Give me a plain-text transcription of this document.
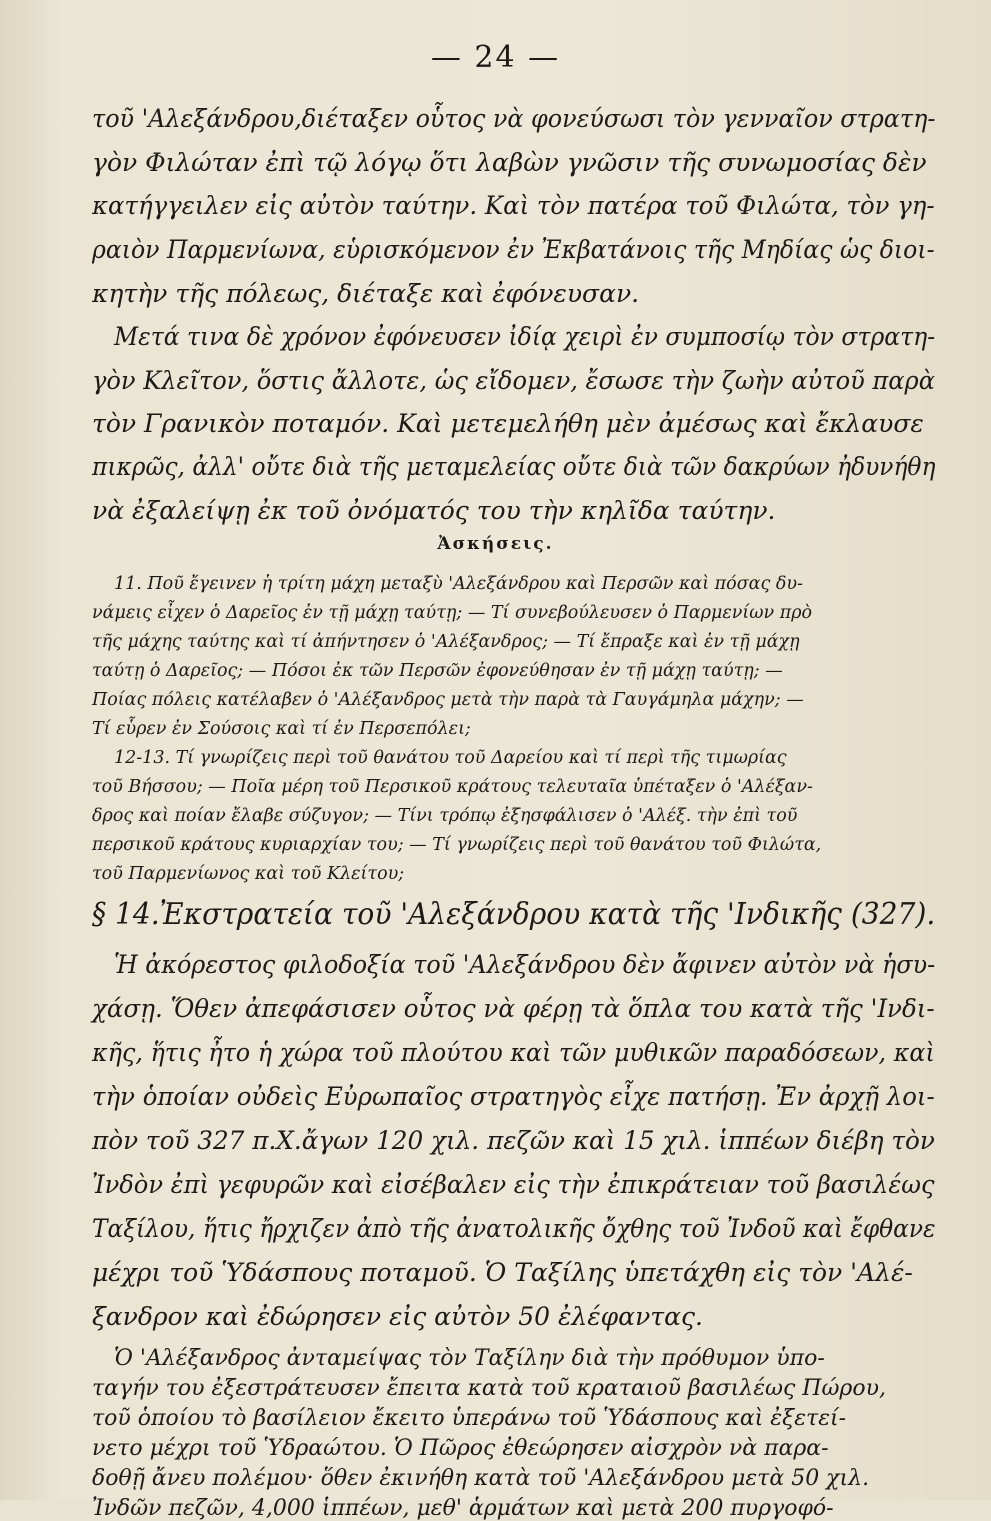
— 24 —
τοῦ 'Αλεξάνδρου,διέταξεν οὗτος νὰ φονεύσωσι τὸν γενναῖον στρατη-
γὸν Φιλώταν ἐπὶ τῷ λόγῳ ὅτι λαβὼν γνῶσιν τῆς συνωμοσίας δὲν
κατήγγειλεν εἰς αὐτὸν ταύτην. Καὶ τὸν πατέρα τοῦ Φιλώτα, τὸν γη-
ραιὸν Παρμενίωνα, εὑρισκόμενον ἐν Ἐκβατάνοις τῆς Μηδίας ὡς διοι-
κητὴν τῆς πόλεως, διέταξε καὶ ἐφόνευσαν.
Μετά τινα δὲ χρόνον ἐφόνευσεν ἰδίᾳ χειρὶ ἐν συμποσίῳ τὸν στρατη-
γὸν Κλεῖτον, ὅστις ἄλλοτε, ὡς εἴδομεν, ἔσωσε τὴν ζωὴν αὐτοῦ παρὰ
τὸν Γρανικὸν ποταμόν. Καὶ μετεμελήθη μὲν ἀμέσως καὶ ἔκλαυσε
πικρῶς, ἀλλ' οὔτε διὰ τῆς μεταμελείας οὔτε διὰ τῶν δακρύων ἠδυνήθη
νὰ ἐξαλείψῃ ἐκ τοῦ ὀνόματός του τὴν κηλῖδα ταύτην.
Ἀσκήσεις.
11. Ποῦ ἔγεινεν ἡ τρίτη μάχη μεταξὺ 'Αλεξάνδρου καὶ Περσῶν καὶ πόσας δυ-
νάμεις εἶχεν ὁ Δαρεῖος ἐν τῇ μάχῃ ταύτῃ; — Τί συνεβούλευσεν ὁ Παρμενίων πρὸ
τῆς μάχης ταύτης καὶ τί ἀπήντησεν ὁ 'Αλέξανδρος; — Τί ἔπραξε καὶ ἐν τῇ μάχῃ
ταύτῃ ὁ Δαρεῖος; — Πόσοι ἐκ τῶν Περσῶν ἐφονεύθησαν ἐν τῇ μάχῃ ταύτῃ; —
Ποίας πόλεις κατέλαβεν ὁ 'Αλέξανδρος μετὰ τὴν παρὰ τὰ Γαυγάμηλα μάχην; —
Τί εὗρεν ἐν Σούσοις καὶ τί ἐν Περσεπόλει;
12-13. Τί γνωρίζεις περὶ τοῦ θανάτου τοῦ Δαρείου καὶ τί περὶ τῆς τιμωρίας
τοῦ Βήσσου; — Ποῖα μέρη τοῦ Περσικοῦ κράτους τελευταῖα ὑπέταξεν ὁ 'Αλέξαν-
δρος καὶ ποίαν ἔλαβε σύζυγον; — Τίνι τρόπῳ ἐξησφάλισεν ὁ 'Αλέξ. τὴν ἐπὶ τοῦ
περσικοῦ κράτους κυριαρχίαν του; — Τί γνωρίζεις περὶ τοῦ θανάτου τοῦ Φιλώτα,
τοῦ Παρμενίωνος καὶ τοῦ Κλείτου;
§ 14.Ἐκστρατεία τοῦ 'Αλεξάνδρου κατὰ τῆς 'Ινδικῆς (327).
Ἡ ἀκόρεστος φιλοδοξία τοῦ 'Αλεξάνδρου δὲν ἄφινεν αὐτὸν νὰ ἡσυ-
χάσῃ. Ὅθεν ἀπεφάσισεν οὗτος νὰ φέρῃ τὰ ὅπλα του κατὰ τῆς 'Ινδι-
κῆς, ἥτις ἦτο ἡ χώρα τοῦ πλούτου καὶ τῶν μυθικῶν παραδόσεων, καὶ
τὴν ὁποίαν οὐδεὶς Εὐρωπαῖος στρατηγὸς εἶχε πατήσῃ. Ἐν ἀρχῇ λοι-
πὸν τοῦ 327 π.Χ.ἄγων 120 χιλ. πεζῶν καὶ 15 χιλ. ἱππέων διέβη τὸν
Ἰνδὸν ἐπὶ γεφυρῶν καὶ εἰσέβαλεν εἰς τὴν ἐπικράτειαν τοῦ βασιλέως
Ταξίλου, ἥτις ἤρχιζεν ἀπὸ τῆς ἀνατολικῆς ὄχθης τοῦ Ἰνδοῦ καὶ ἔφθανε
μέχρι τοῦ Ὑδάσπους ποταμοῦ. Ὁ Ταξίλης ὑπετάχθη εἰς τὸν 'Αλέ-
ξανδρον καὶ ἐδώρησεν εἰς αὐτὸν 50 ἐλέφαντας.
Ὁ 'Αλέξανδρος ἀνταμείψας τὸν Ταξίλην διὰ τὴν πρόθυμον ὑπο-
ταγήν του ἐξεστράτευσεν ἔπειτα κατὰ τοῦ κραταιοῦ βασιλέως Πώρου,
τοῦ ὁποίου τὸ βασίλειον ἔκειτο ὑπεράνω τοῦ Ὑδάσπους καὶ ἐξετεί-
νετο μέχρι τοῦ Ὑδραώτου. Ὁ Πῶρος ἐθεώρησεν αἰσχρὸν νὰ παρα-
δοθῇ ἄνευ πολέμου· ὅθεν ἐκινήθη κατὰ τοῦ 'Αλεξάνδρου μετὰ 50 χιλ.
Ἰνδῶν πεζῶν, 4,000 ἱππέων, μεθ' ἁρμάτων καὶ μετὰ 200 πυργοφό-
